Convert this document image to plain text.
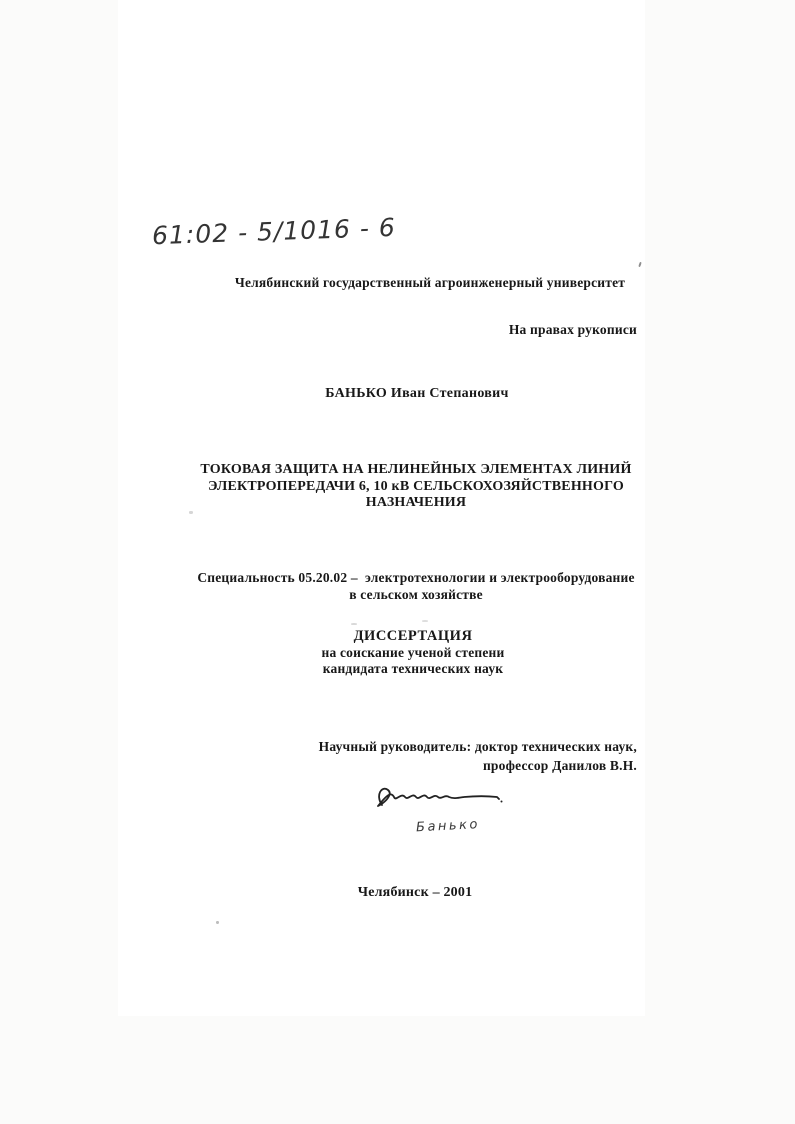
61:02 - 5/1016 - 6
Челябинский государственный агроинженерный университет
На правах рукописи
БАНЬКО Иван Степанович
ТОКОВАЯ ЗАЩИТА НА НЕЛИНЕЙНЫХ ЭЛЕМЕНТАХ ЛИНИЙ
ЭЛЕКТРОПЕРЕДАЧИ 6, 10 кВ СЕЛЬСКОХОЗЯЙСТВЕННОГО
НАЗНАЧЕНИЯ
Специальность 05.20.02 –  электротехнологии и электрооборудование
в сельском хозяйстве
ДИССЕРТАЦИЯ
на соискание ученой степени
кандидата технических наук
Научный руководитель: доктор технических наук,
профессор Данилов В.Н.
Банько
Челябинск – 2001
